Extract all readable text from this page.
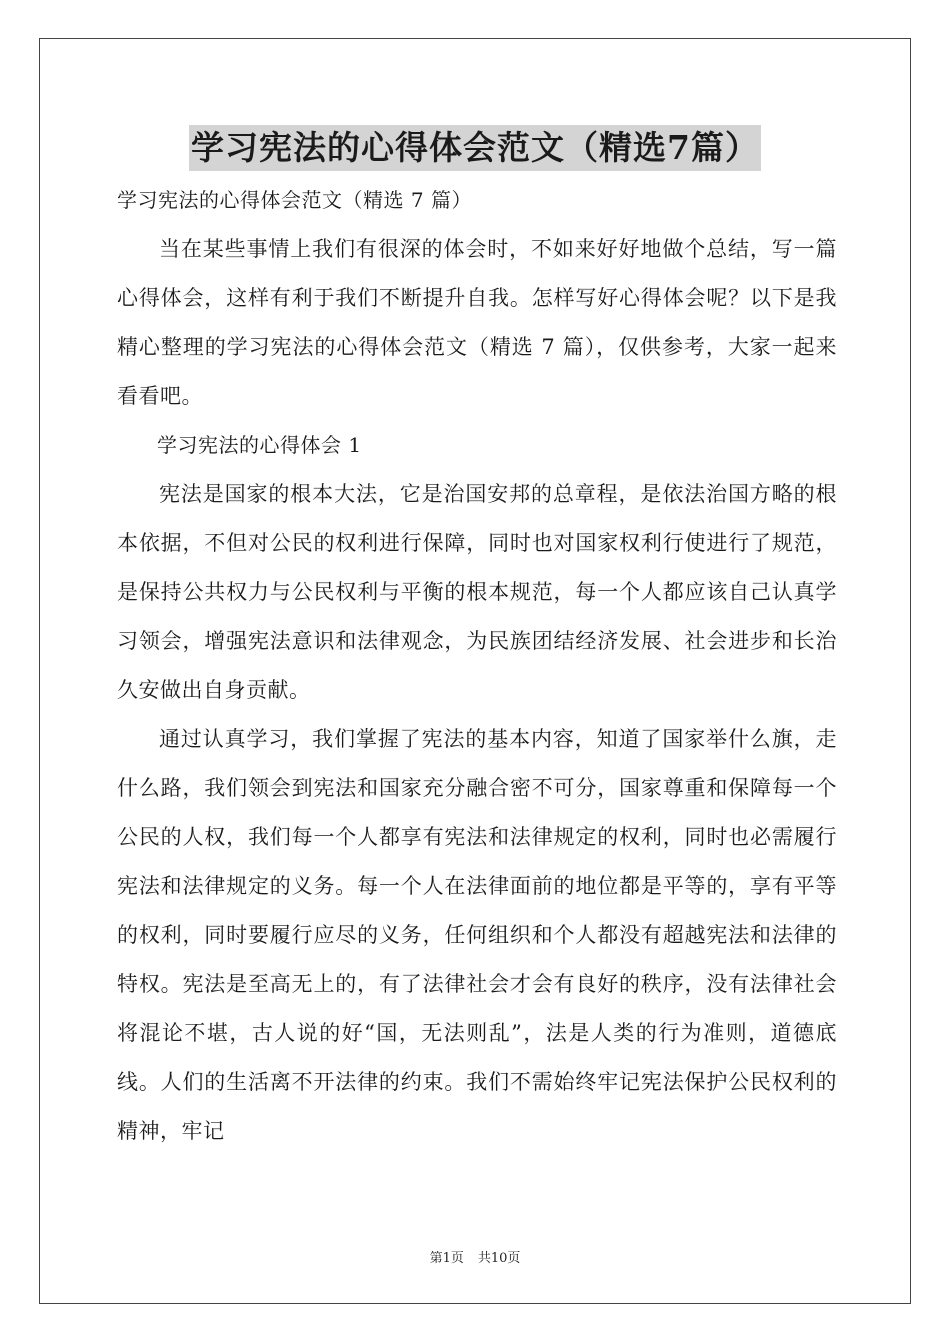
学习宪法的心得体会范文（精选7篇）

学习宪法的心得体会范文（精选 7 篇）

当在某些事情上我们有很深的体会时，不如来好好地做个总结，写一篇心得体会，这样有利于我们不断提升自我。怎样写好心得体会呢？以下是我精心整理的学习宪法的心得体会范文（精选 7 篇），仅供参考，大家一起来看看吧。

学习宪法的心得体会 1

宪法是国家的根本大法，它是治国安邦的总章程，是依法治国方略的根本依据，不但对公民的权利进行保障，同时也对国家权利行使进行了规范，是保持公共权力与公民权利与平衡的根本规范，每一个人都应该自己认真学习领会，增强宪法意识和法律观念，为民族团结经济发展、社会进步和长治久安做出自身贡献。

通过认真学习，我们掌握了宪法的基本内容，知道了国家举什么旗，走什么路，我们领会到宪法和国家充分融合密不可分，国家尊重和保障每一个公民的人权，我们每一个人都享有宪法和法律规定的权利，同时也必需履行宪法和法律规定的义务。每一个人在法律面前的地位都是平等的，享有平等的权利，同时要履行应尽的义务，任何组织和个人都没有超越宪法和法律的特权。宪法是至高无上的，有了法律社会才会有良好的秩序，没有法律社会将混论不堪，古人说的好“国，无法则乱”，法是人类的行为准则，道德底线。人们的生活离不开法律的约束。我们不需始终牢记宪法保护公民权利的精神，牢记

第1页 共10页
